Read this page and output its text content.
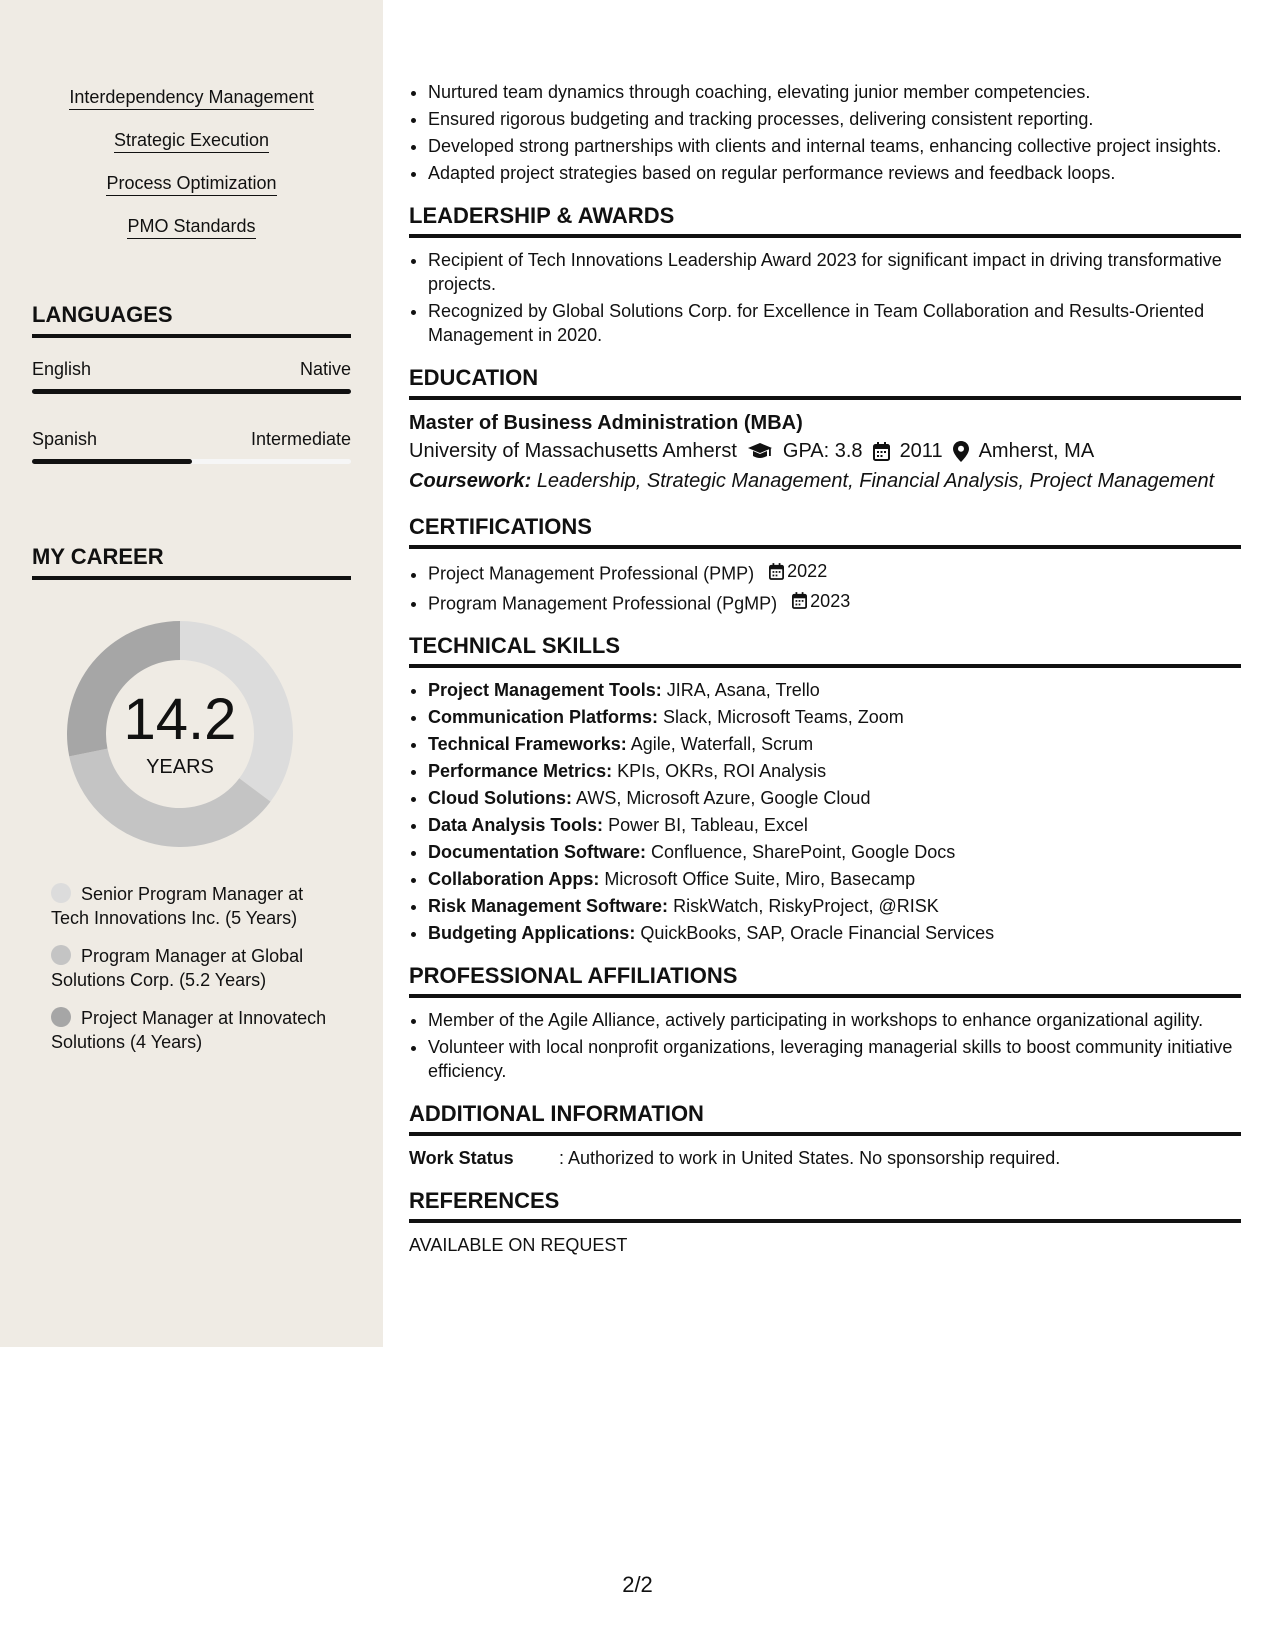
Interdependency Management
Strategic Execution
Process Optimization
PMO Standards
LANGUAGES
English	Native
Spanish	Intermediate
MY CAREER
14.2
YEARS
Senior Program Manager at Tech Innovations Inc. (5 Years)
Program Manager at Global Solutions Corp. (5.2 Years)
Project Manager at Innovatech Solutions (4 Years)
• Nurtured team dynamics through coaching, elevating junior member competencies.
• Ensured rigorous budgeting and tracking processes, delivering consistent reporting.
• Developed strong partnerships with clients and internal teams, enhancing collective project insights.
• Adapted project strategies based on regular performance reviews and feedback loops.
LEADERSHIP & AWARDS
• Recipient of Tech Innovations Leadership Award 2023 for significant impact in driving transformative projects.
• Recognized by Global Solutions Corp. for Excellence in Team Collaboration and Results-Oriented Management in 2020.
EDUCATION
Master of Business Administration (MBA)
University of Massachusetts Amherst GPA: 3.8 2011 Amherst, MA
Coursework: Leadership, Strategic Management, Financial Analysis, Project Management
CERTIFICATIONS
• Project Management Professional (PMP) 2022
• Program Management Professional (PgMP) 2023
TECHNICAL SKILLS
• Project Management Tools: JIRA, Asana, Trello
• Communication Platforms: Slack, Microsoft Teams, Zoom
• Technical Frameworks: Agile, Waterfall, Scrum
• Performance Metrics: KPIs, OKRs, ROI Analysis
• Cloud Solutions: AWS, Microsoft Azure, Google Cloud
• Data Analysis Tools: Power BI, Tableau, Excel
• Documentation Software: Confluence, SharePoint, Google Docs
• Collaboration Apps: Microsoft Office Suite, Miro, Basecamp
• Risk Management Software: RiskWatch, RiskyProject, @RISK
• Budgeting Applications: QuickBooks, SAP, Oracle Financial Services
PROFESSIONAL AFFILIATIONS
• Member of the Agile Alliance, actively participating in workshops to enhance organizational agility.
• Volunteer with local nonprofit organizations, leveraging managerial skills to boost community initiative efficiency.
ADDITIONAL INFORMATION
Work Status	: Authorized to work in United States. No sponsorship required.
REFERENCES
AVAILABLE ON REQUEST
2/2
